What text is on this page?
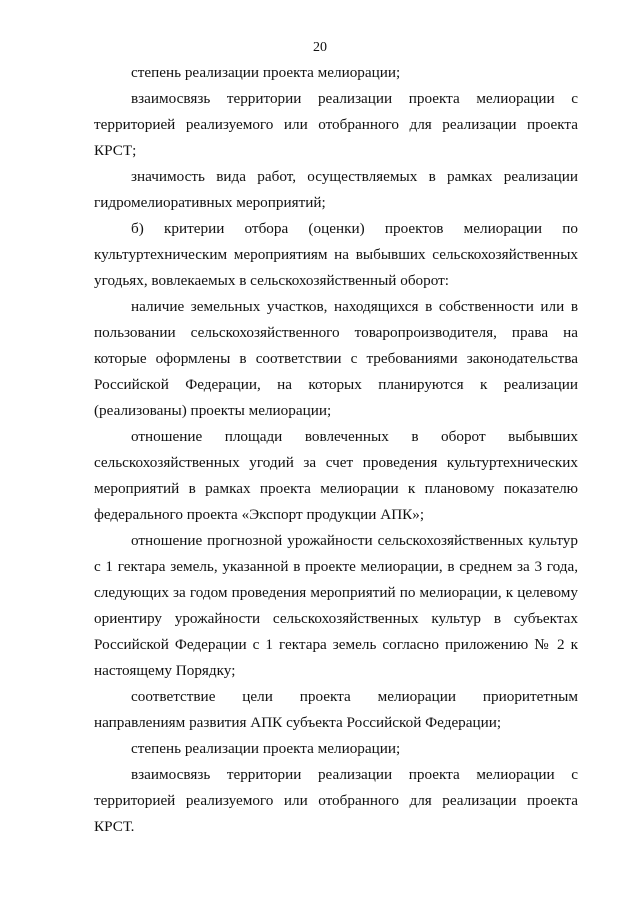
20

степень реализации проекта мелиорации;

взаимосвязь территории реализации проекта мелиорации с территорией реализуемого или отобранного для реализации проекта КРСТ;

значимость вида работ, осуществляемых в рамках реализации гидромелиоративных мероприятий;

б) критерии отбора (оценки) проектов мелиорации по культуртехническим мероприятиям на выбывших сельскохозяйственных угодьях, вовлекаемых в сельскохозяйственный оборот:

наличие земельных участков, находящихся в собственности или в пользовании сельскохозяйственного товаропроизводителя, права на которые оформлены в соответствии с требованиями законодательства Российской Федерации, на которых планируются к реализации (реализованы) проекты мелиорации;

отношение площади вовлеченных в оборот выбывших сельскохозяйственных угодий за счет проведения культуртехнических мероприятий в рамках проекта мелиорации к плановому показателю федерального проекта «Экспорт продукции АПК»;

отношение прогнозной урожайности сельскохозяйственных культур с 1 гектара земель, указанной в проекте мелиорации, в среднем за 3 года, следующих за годом проведения мероприятий по мелиорации, к целевому ориентиру урожайности сельскохозяйственных культур в субъектах Российской Федерации с 1 гектара земель согласно приложению № 2 к настоящему Порядку;

соответствие цели проекта мелиорации приоритетным направлениям развития АПК субъекта Российской Федерации;

степень реализации проекта мелиорации;

взаимосвязь территории реализации проекта мелиорации с территорией реализуемого или отобранного для реализации проекта КРСТ.
